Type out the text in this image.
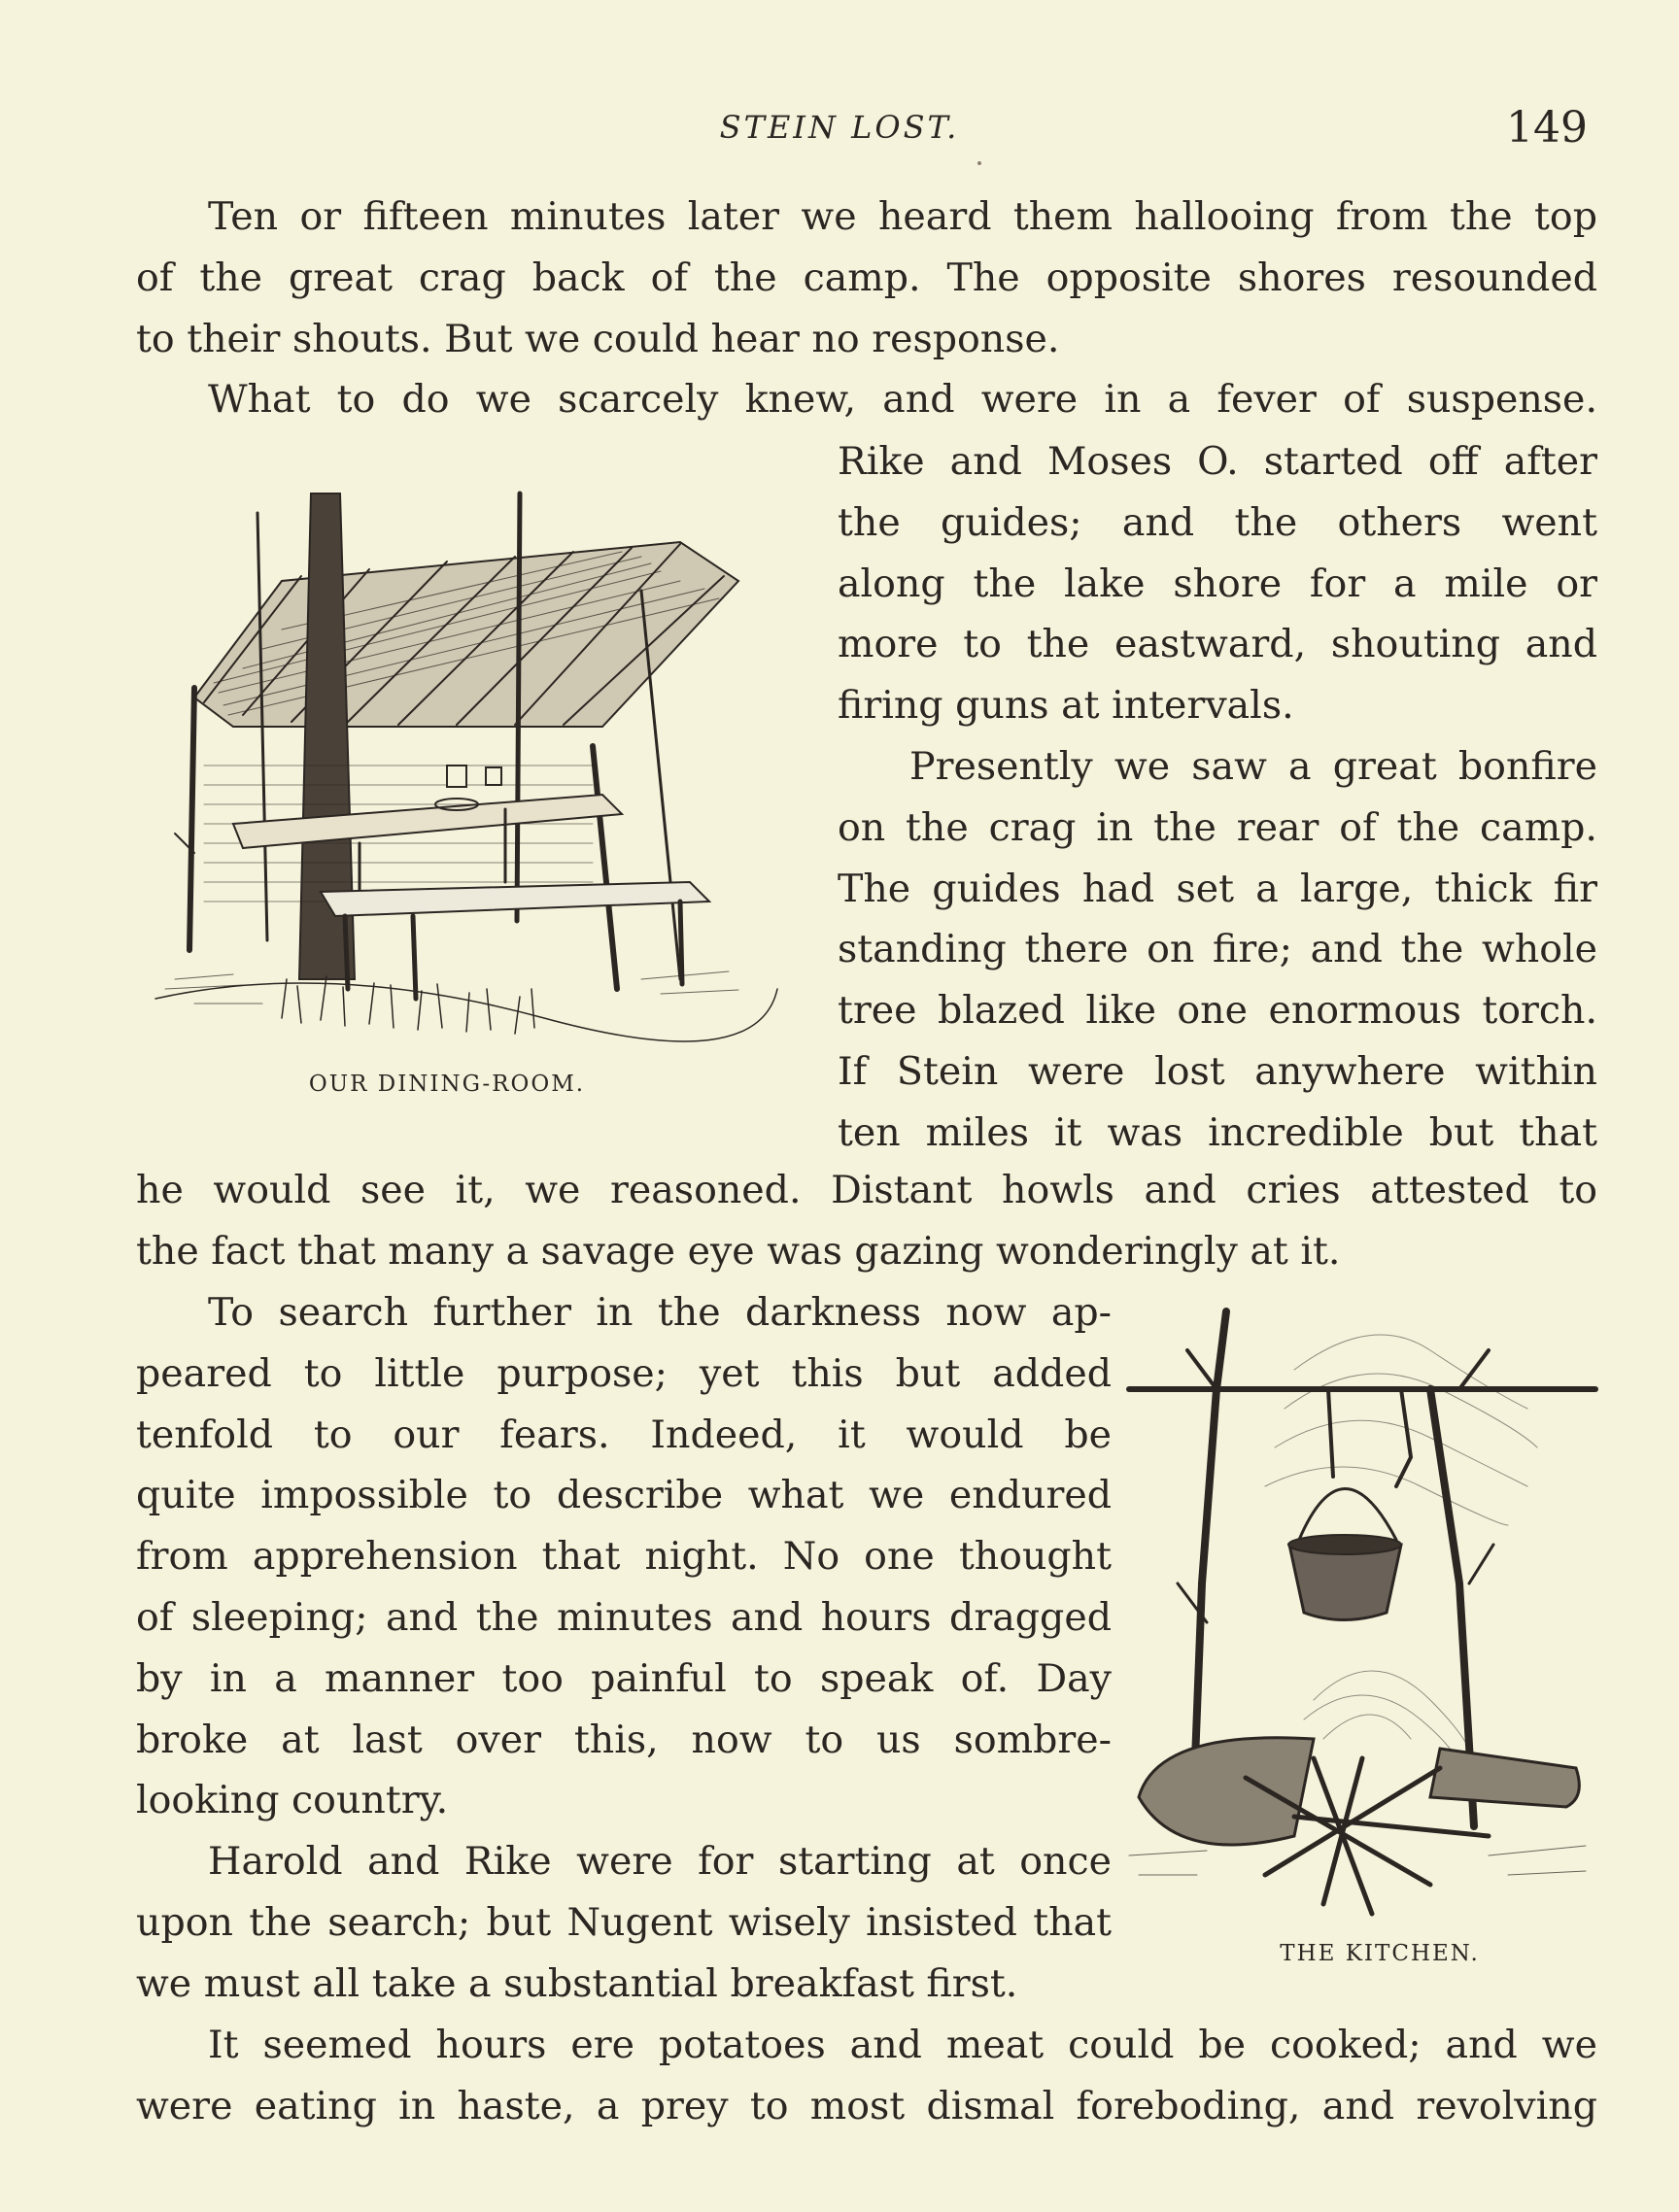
STEIN LOST.	149
Ten or fifteen minutes later we heard them hallooing from the top
of the great crag back of the camp. The opposite shores resounded
to their shouts. But we could hear no response.
What to do we scarcely knew, and were in a fever of suspense.
Rike and Moses O. started off after
the guides; and the others went
along the lake shore for a mile or
more to the eastward, shouting and
firing guns at intervals.
Presently we saw a great bonfire
on the crag in the rear of the camp.
The guides had set a large, thick fir
standing there on fire; and the whole
tree blazed like one enormous torch.
If Stein were lost anywhere within
ten miles it was incredible but that
OUR DINING-ROOM.
he would see it, we reasoned. Distant howls and cries attested to
the fact that many a savage eye was gazing wonderingly at it.
To search further in the darkness now ap-
peared to little purpose; yet this but added
tenfold to our fears. Indeed, it would be
quite impossible to describe what we endured
from apprehension that night. No one thought
of sleeping; and the minutes and hours dragged
by in a manner too painful to speak of. Day
broke at last over this, now to us sombre-
looking country.
Harold and Rike were for starting at once
upon the search; but Nugent wisely insisted that
we must all take a substantial breakfast first.
THE KITCHEN.
It seemed hours ere potatoes and meat could be cooked; and we
were eating in haste, a prey to most dismal foreboding, and revolving
